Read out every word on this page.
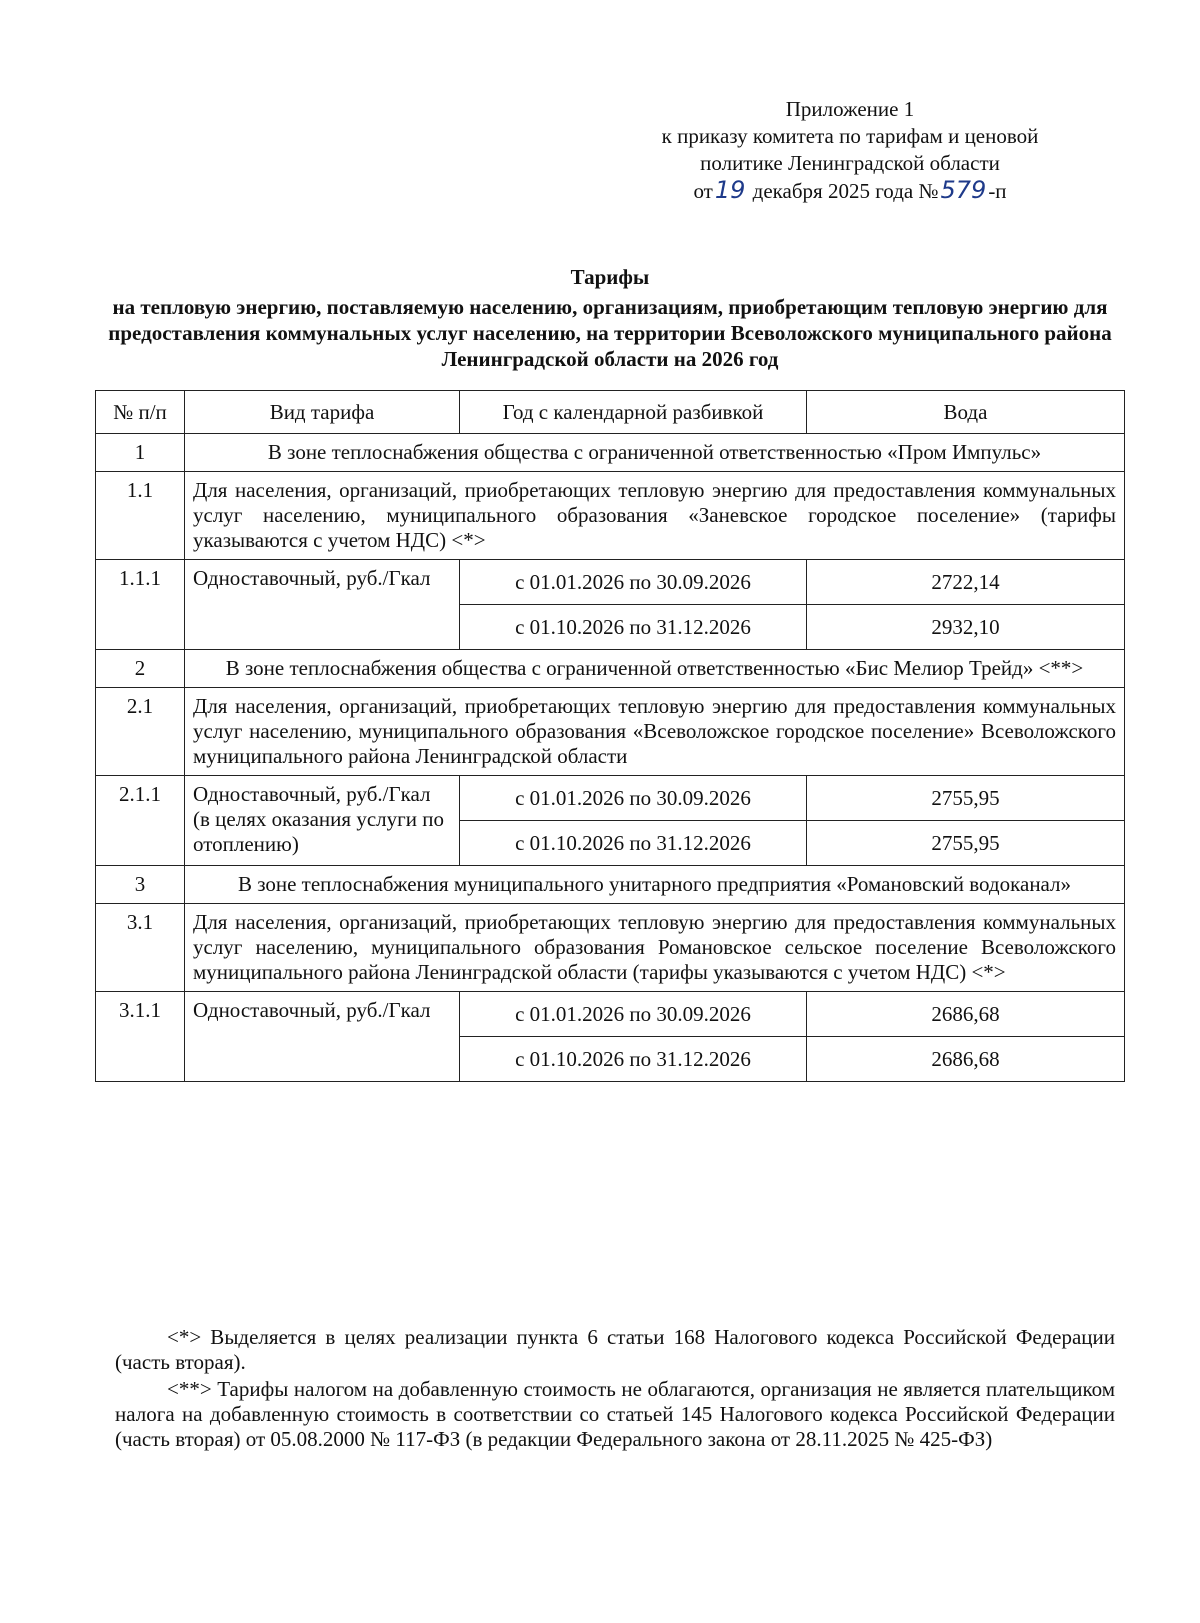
Приложение 1
к приказу комитета по тарифам и ценовой
политике Ленинградской области
от19 декабря 2025 года №579-п
Тарифы
на тепловую энергию, поставляемую населению, организациям, приобретающим тепловую энергию для предоставления коммунальных услуг населению, на территории Всеволожского муниципального района Ленинградской области на 2026 год
№ п/п	Вид тарифа	Год с календарной разбивкой	Вода
1	В зоне теплоснабжения общества с ограниченной ответственностью «Пром Импульс»		
1.1	Для населения, организаций, приобретающих тепловую энергию для предоставления коммунальных услуг населению, муниципального образования «Заневское городское поселение» (тарифы указываются с учетом НДС) <*>		
1.1.1	Одноставочный, руб./Гкал	с 01.01.2026 по 30.09.2026	2722,14
		с 01.10.2026 по 31.12.2026	2932,10
2	В зоне теплоснабжения общества с ограниченной ответственностью «Бис Мелиор Трейд» <**>		
2.1	Для населения, организаций, приобретающих тепловую энергию для предоставления коммунальных услуг населению, муниципального образования «Всеволожское городское поселение» Всеволожского муниципального района Ленинградской области		
2.1.1	Одноставочный, руб./Гкал (в целях оказания услуги по отоплению)	с 01.01.2026 по 30.09.2026	2755,95
		с 01.10.2026 по 31.12.2026	2755,95
3	В зоне теплоснабжения муниципального унитарного предприятия «Романовский водоканал»		
3.1	Для населения, организаций, приобретающих тепловую энергию для предоставления коммунальных услуг населению, муниципального образования Романовское сельское поселение Всеволожского муниципального района Ленинградской области (тарифы указываются с учетом НДС) <*>		
3.1.1	Одноставочный, руб./Гкал	с 01.01.2026 по 30.09.2026	2686,68
		с 01.10.2026 по 31.12.2026	2686,68

<*> Выделяется в целях реализации пункта 6 статьи 168 Налогового кодекса Российской Федерации (часть вторая).

<**> Тарифы налогом на добавленную стоимость не облагаются, организация не является плательщиком налога на добавленную стоимость в соответствии со статьей 145 Налогового кодекса Российской Федерации (часть вторая) от 05.08.2000 № 117-ФЗ (в редакции Федерального закона от 28.11.2025 № 425-ФЗ)
